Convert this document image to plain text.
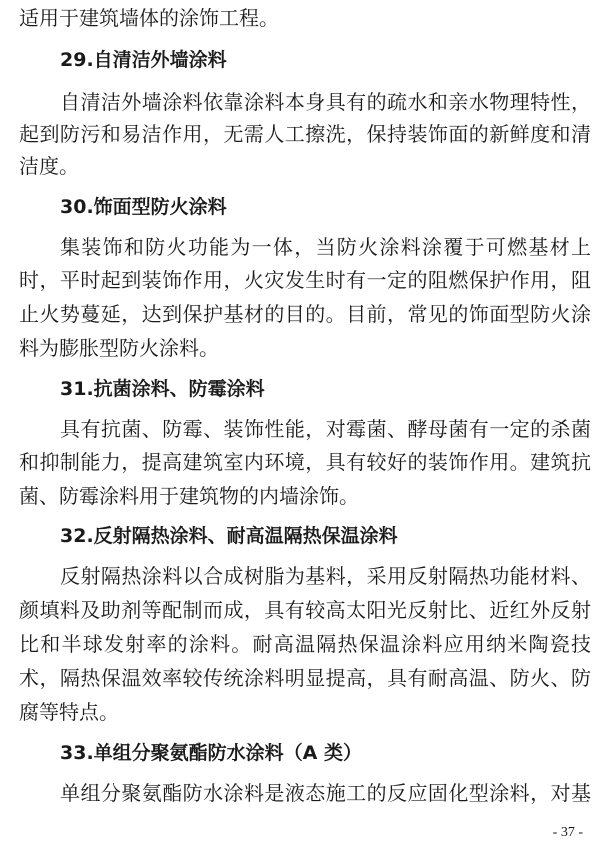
适用于建筑墙体的涂饰工程。
29.自清洁外墙涂料
自清洁外墙涂料依靠涂料本身具有的疏水和亲水物理特性，
起到防污和易洁作用，无需人工擦洗，保持装饰面的新鲜度和清
洁度。
30.饰面型防火涂料
集装饰和防火功能为一体，当防火涂料涂覆于可燃基材上
时，平时起到装饰作用，火灾发生时有一定的阻燃保护作用，阻
止火势蔓延，达到保护基材的目的。目前，常见的饰面型防火涂
料为膨胀型防火涂料。
31.抗菌涂料、防霉涂料
具有抗菌、防霉、装饰性能，对霉菌、酵母菌有一定的杀菌
和抑制能力，提高建筑室内环境，具有较好的装饰作用。建筑抗
菌、防霉涂料用于建筑物的内墙涂饰。
32.反射隔热涂料、耐高温隔热保温涂料
反射隔热涂料以合成树脂为基料，采用反射隔热功能材料、
颜填料及助剂等配制而成，具有较高太阳光反射比、近红外反射
比和半球发射率的涂料。耐高温隔热保温涂料应用纳米陶瓷技
术，隔热保温效率较传统涂料明显提高，具有耐高温、防火、防
腐等特点。
33.单组分聚氨酯防水涂料（A 类）
单组分聚氨酯防水涂料是液态施工的反应固化型涂料，对基
- 37 -
